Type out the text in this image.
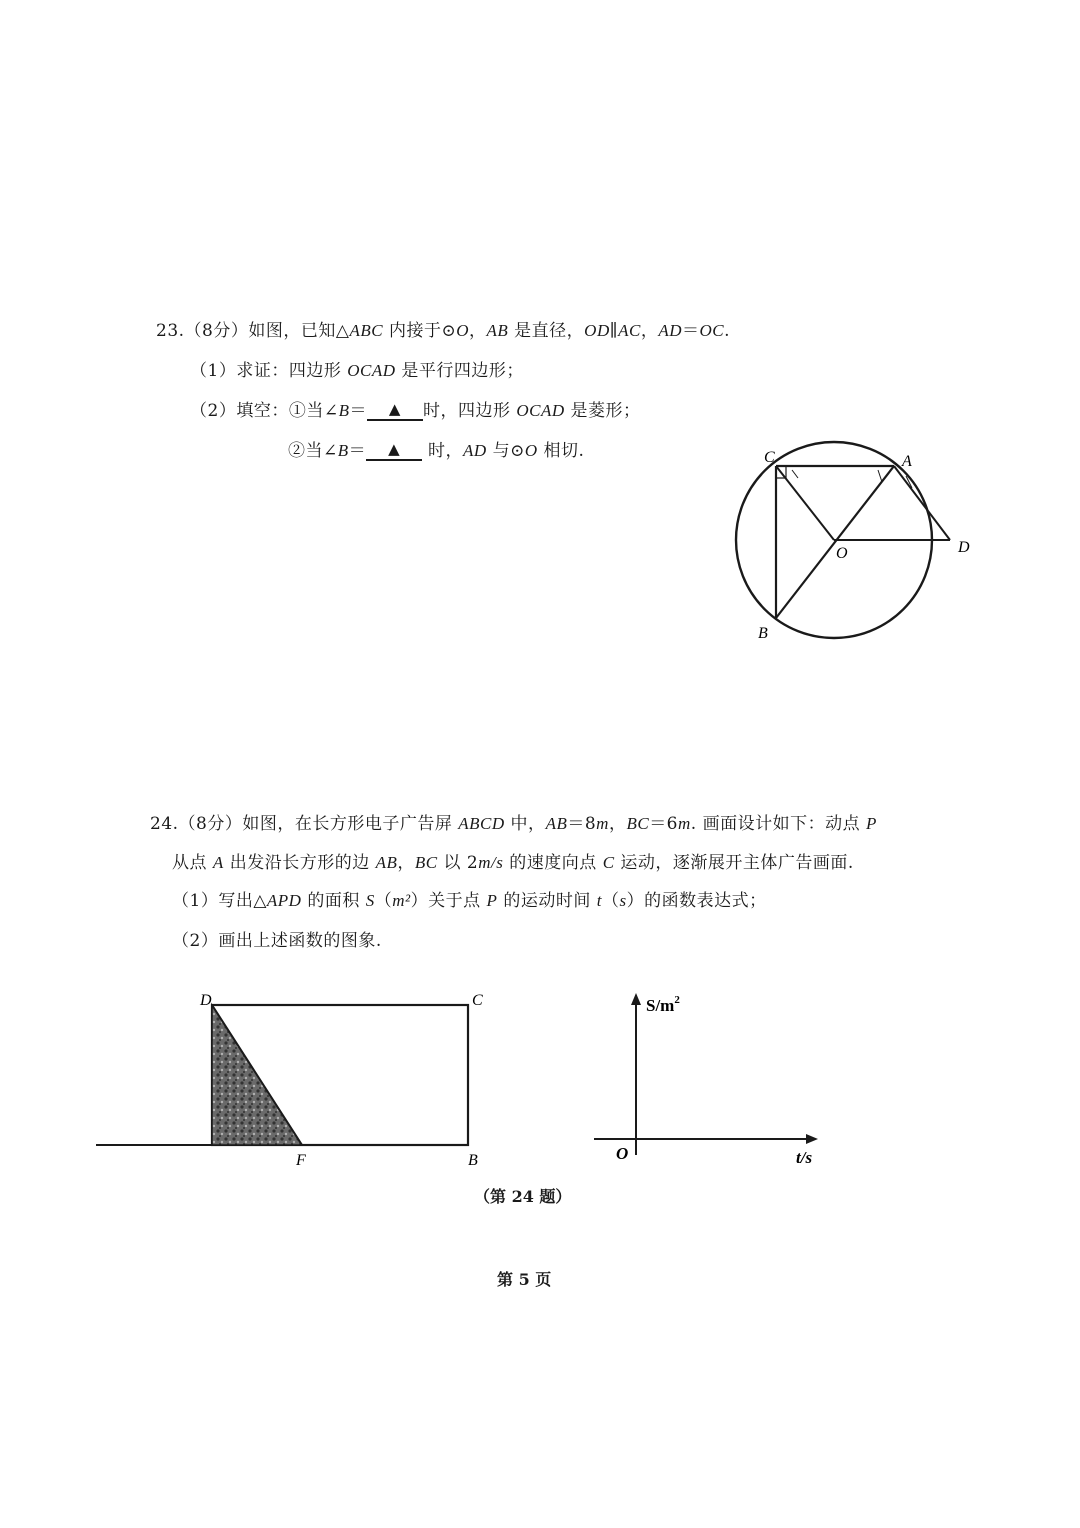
23.（8分）如图，已知△ABC 内接于⊙O，AB 是直径，OD∥AC，AD＝OC.
（1）求证：四边形 OCAD 是平行四边形；
（2）填空：①当∠B＝ ▲ 时，四边形 OCAD 是菱形；
②当∠B＝ ▲ 时，AD 与⊙O 相切.	C	A
O	D
B
24.（8分）如图，在长方形电子广告屏 ABCD 中，AB＝8m，BC＝6m. 画面设计如下：动点 P
从点 A 出发沿长方形的边 AB，BC 以 2m/s 的速度向点 C 运动，逐渐展开主体广告画面.
（1）写出△APD 的面积 S（m²）关于点 P 的运动时间 t（s）的函数表达式；
（2）画出上述函数的图象.
D	C
F	B
$S/m^2$
t/s
O
（第 24 题）
第 5 页
